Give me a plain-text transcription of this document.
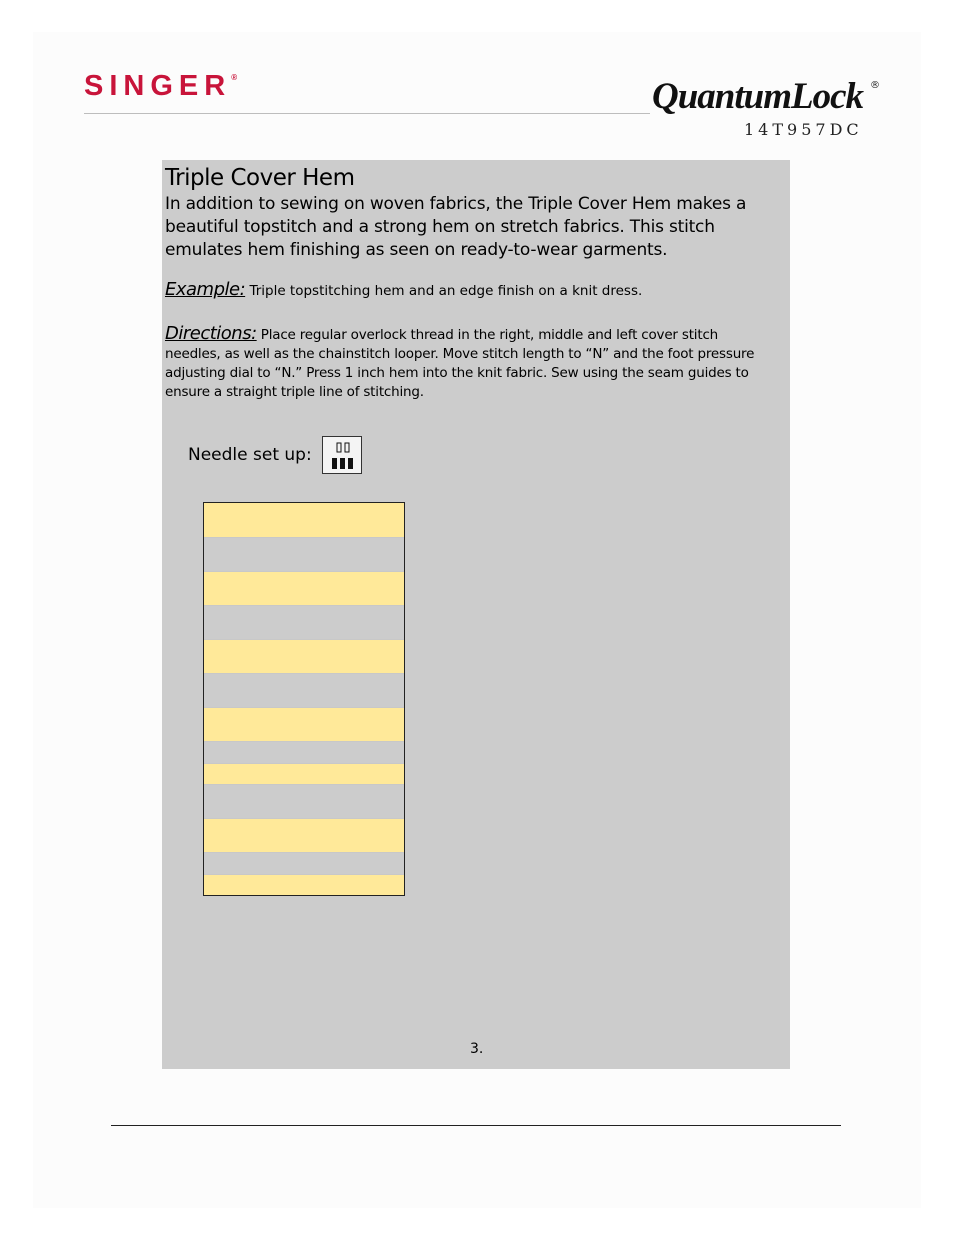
SINGER®	QuantumLock ®
14T957DC
Triple Cover Hem
In addition to sewing on woven fabrics, the Triple Cover Hem makes a beautiful topstitch and a strong hem on stretch fabrics. This stitch emulates hem finishing as seen on ready-to-wear garments.
Example: Triple topstitching hem and an edge finish on a knit dress.
Directions: Place regular overlock thread in the right, middle and left cover stitch needles, as well as the chainstitch looper. Move stitch length to “N” and the foot pressure adjusting dial to “N.” Press 1 inch hem into the knit fabric. Sew using the seam guides to ensure a straight triple line of stitching.
Needle set up:
3.
